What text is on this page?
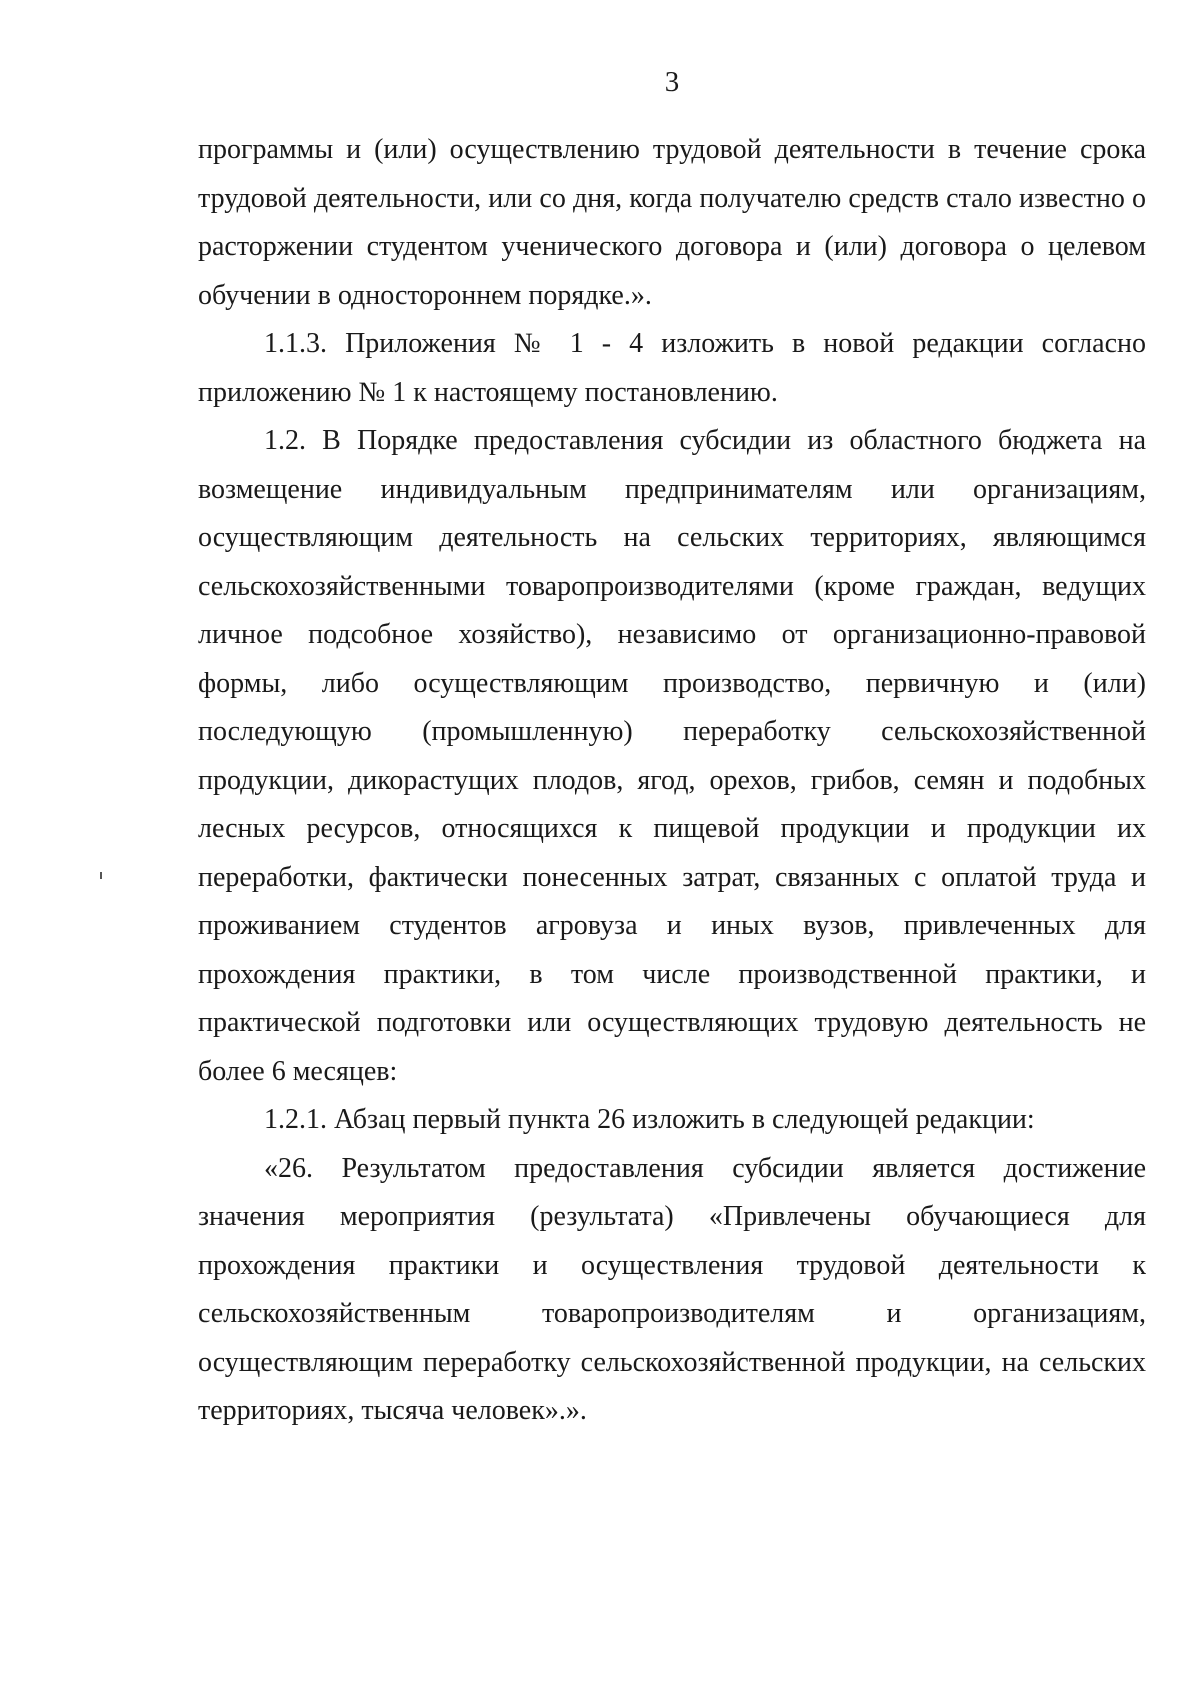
3

программы и (или) осуществлению трудовой деятельности в течение срока трудовой деятельности, или со дня, когда получателю средств стало известно о расторжении студентом ученического договора и (или) договора о целевом обучении в одностороннем порядке.».

1.1.3. Приложения № 1 - 4 изложить в новой редакции согласно приложению № 1 к настоящему постановлению.

1.2. В Порядке предоставления субсидии из областного бюджета на возмещение индивидуальным предпринимателям или организациям, осуществляющим деятельность на сельских территориях, являющимся сельскохозяйственными товаропроизводителями (кроме граждан, ведущих личное подсобное хозяйство), независимо от организационно-правовой формы, либо осуществляющим производство, первичную и (или) последующую (промышленную) переработку сельскохозяйственной продукции, дикорастущих плодов, ягод, орехов, грибов, семян и подобных лесных ресурсов, относящихся к пищевой продукции и продукции их переработки, фактически понесенных затрат, связанных с оплатой труда и проживанием студентов агровуза и иных вузов, привлеченных для прохождения практики, в том числе производственной практики, и практической подготовки или осуществляющих трудовую деятельность не более 6 месяцев:

1.2.1. Абзац первый пункта 26 изложить в следующей редакции:

«26. Результатом предоставления субсидии является достижение значения мероприятия (результата) «Привлечены обучающиеся для прохождения практики и осуществления трудовой деятельности к сельскохозяйственным товаропроизводителям и организациям, осуществляющим переработку сельскохозяйственной продукции, на сельских территориях, тысяча человек».».
